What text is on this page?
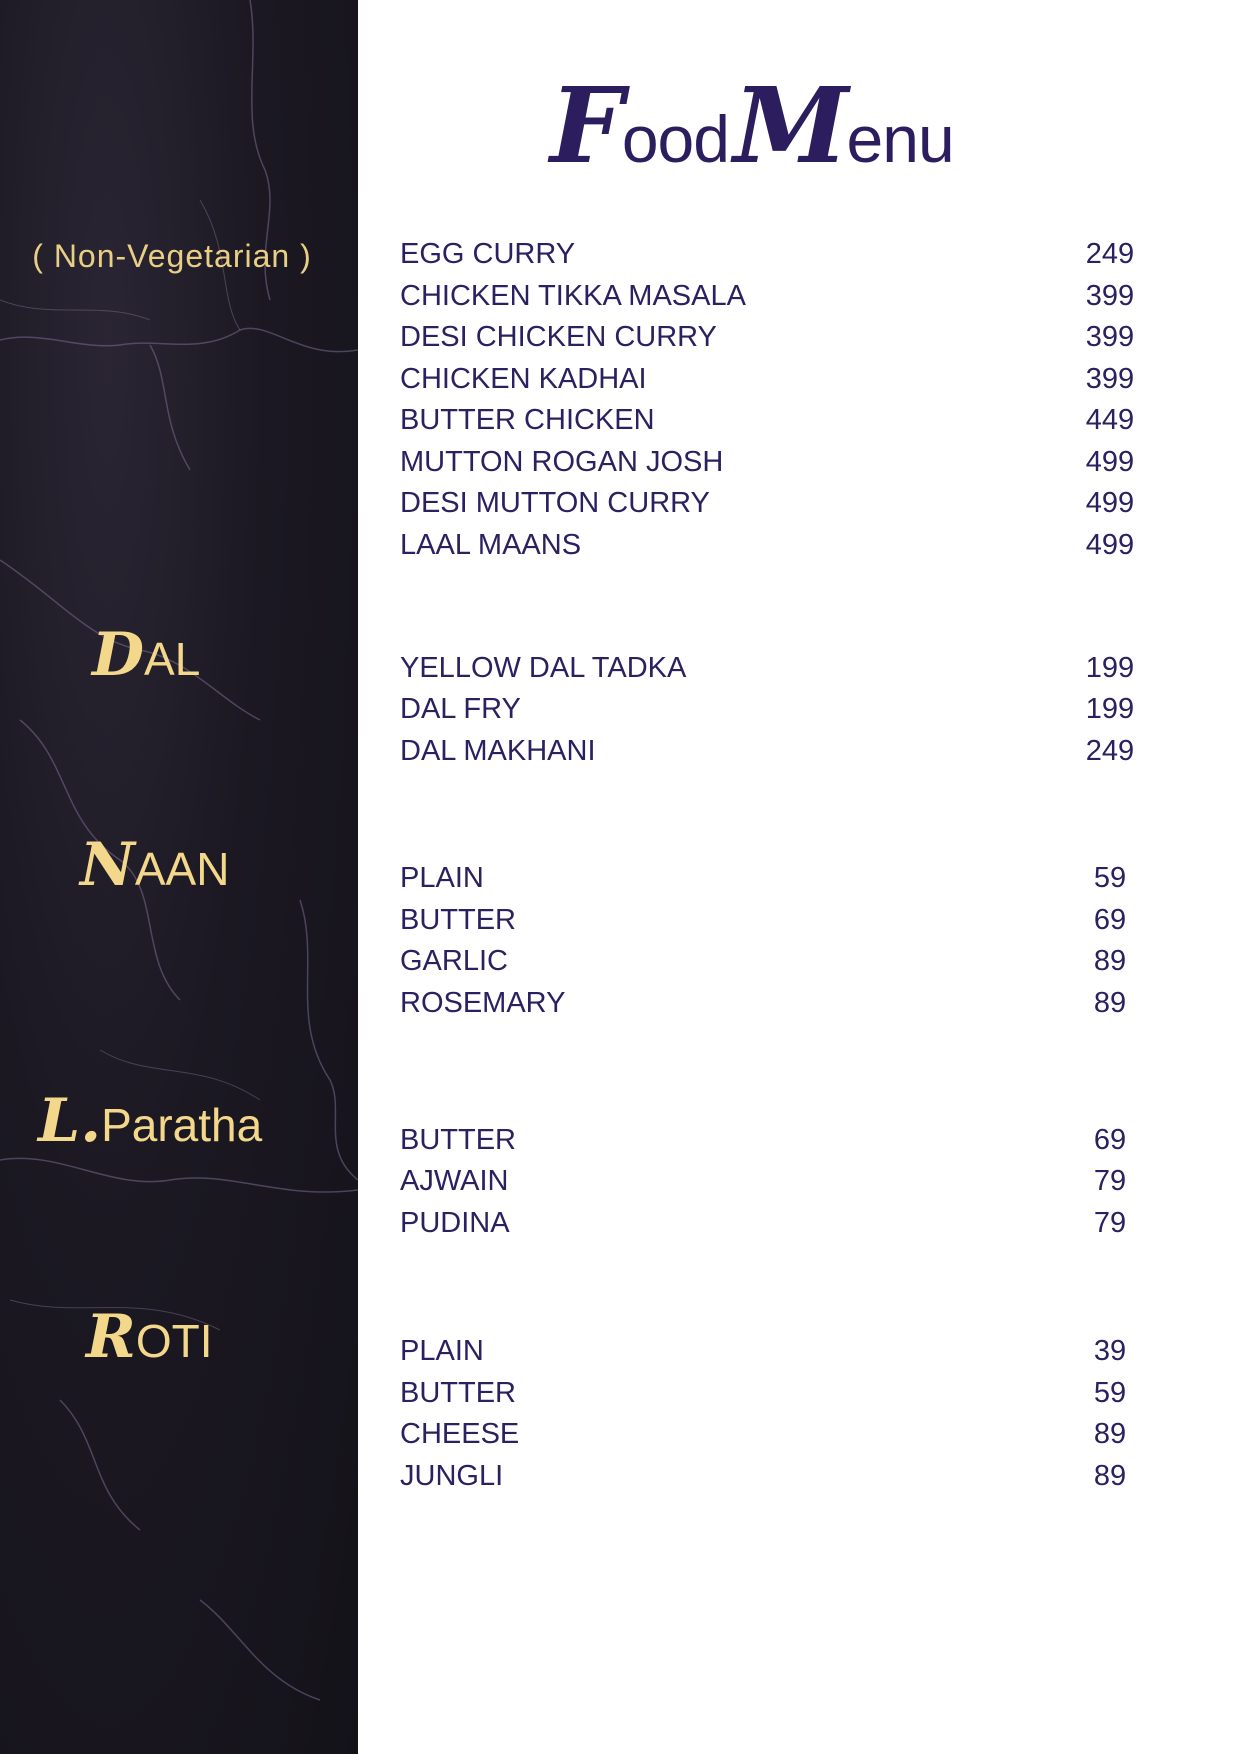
Food Menu
( Non-Vegetarian )
DAL
NAAN
L.Paratha
ROTI
EGG CURRY	249
CHICKEN TIKKA MASALA	399
DESI CHICKEN CURRY	399
CHICKEN KADHAI	399
BUTTER CHICKEN	449
MUTTON ROGAN JOSH	499
DESI MUTTON CURRY	499
LAAL MAANS	499
YELLOW DAL TADKA	199
DAL FRY	199
DAL MAKHANI	249
PLAIN	59
BUTTER	69
GARLIC	89
ROSEMARY	89
BUTTER	69
AJWAIN	79
PUDINA	79
PLAIN	39
BUTTER	59
CHEESE	89
JUNGLI	89
